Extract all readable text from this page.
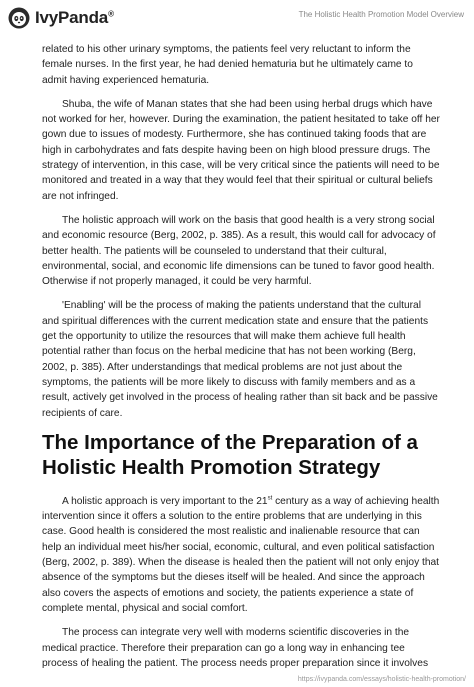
IvyPanda®	The Holistic Health Promotion Model Overview

related to his other urinary symptoms, the patients feel very reluctant to inform the female nurses. In the first year, he had denied hematuria but he ultimately came to admit having experienced hematuria.

Shuba, the wife of Manan states that she had been using herbal drugs which have not worked for her, however. During the examination, the patient hesitated to take off her gown due to issues of modesty. Furthermore, she has continued taking foods that are high in carbohydrates and fats despite having been on high blood pressure drugs. The strategy of intervention, in this case, will be very critical since the patients will need to be monitored and treated in a way that they would feel that their spiritual or cultural beliefs are not infringed.

The holistic approach will work on the basis that good health is a very strong social and economic resource (Berg, 2002, p. 385). As a result, this would call for advocacy of better health. The patients will be counseled to understand that their cultural, environmental, social, and economic life dimensions can be tuned to favor good health. Otherwise if not properly managed, it could be very harmful.

'Enabling' will be the process of making the patients understand that the cultural and spiritual differences with the current medication state and ensure that the patients get the opportunity to utilize the resources that will make them achieve full health potential rather than focus on the herbal medicine that has not been working (Berg, 2002, p. 385). After understandings that medical problems are not just about the symptoms, the patients will be more likely to discuss with family members and as a result, actively get involved in the process of healing rather than sit back and be passive recipients of care.

The Importance of the Preparation of a Holistic Health Promotion Strategy

A holistic approach is very important to the 21st century as a way of achieving health intervention since it offers a solution to the entire problems that are underlying in this case. Good health is considered the most realistic and inalienable resource that can help an individual meet his/her social, economic, cultural, and even political satisfaction (Berg, 2002, p. 389). When the disease is healed then the patient will not only enjoy that absence of the symptoms but the dieses itself will be healed. And since the approach also covers the aspects of emotions and society, the patients experience a state of complete mental, physical and social comfort.

The process can integrate very well with moderns scientific discoveries in the medical practice. Therefore their preparation can go a long way in enhancing tee process of healing the patient. The process needs proper preparation since it involves

https://ivypanda.com/essays/holistic-health-promotion/
